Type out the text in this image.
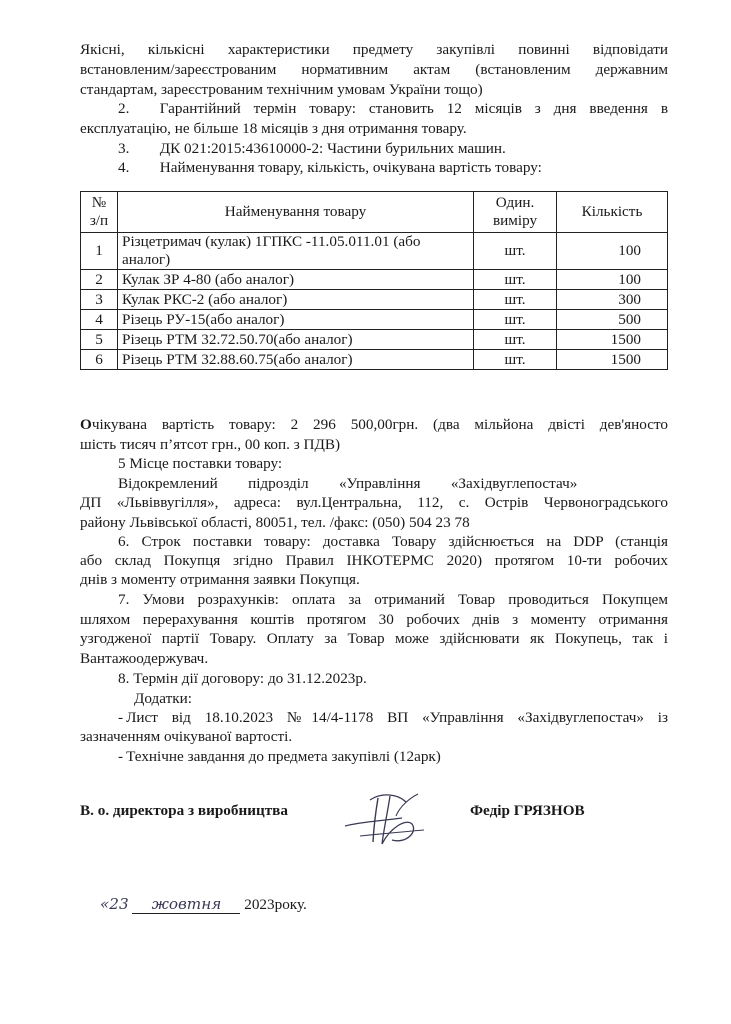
Якісні, кількісні характеристики предмету закупівлі повинні відповідати
встановленим/зареєстрованим нормативним актам (встановленим державним
стандартам, зареєстрованим технічним умовам України тощо)
2.  Гарантійний термін товару: становить 12 місяців з дня введення в
експлуатацію, не більше 18 місяців з дня отримання товару.
3.  ДК 021:2015:43610000-2: Частини бурильних машин.
4.  Найменування товару, кількість, очікувана вартість товару:
№ з/п	Найменування товару	Один. виміру	Кількість
1	Різцетримач (кулак) 1ГПКС -11.05.011.01 (або
аналог)	шт.	100
2	Кулак ЗР 4-80 (або аналог)	шт.	100
3	Кулак РКС-2 (або аналог)	шт.	300
4	Різець РУ-15(або аналог)	шт.	500
5	Різець РТМ 32.72.50.70(або аналог)	шт.	1500
6	Різець РТМ 32.88.60.75(або аналог)	шт.	1500
Очікувана вартість товару: 2 296 500,00грн. (два мільйона двісті дев'яносто
шість тисяч п’ятсот грн., 00 коп. з ПДВ)
5 Місце поставки товару:
Відокремлений  підрозділ  «Управління  «Західвуглепостач»
ДП «Львіввугілля», адреса: вул.Центральна, 112, с. Острів Червоноградського
району Львівської області, 80051, тел. /факс: (050) 504 23 78
6. Строк поставки товару: доставка Товару здійснюється на DDP (станція
або склад Покупця згідно Правил ІНКОТЕРМС 2020) протягом 10-ти робочих
днів з моменту отримання заявки Покупця.
7. Умови розрахунків: оплата за отриманий Товар проводиться Покупцем
шляхом перерахування коштів протягом 30 робочих днів з моменту отримання
узгодженої партії Товару. Оплату за Товар може здійснювати як Покупець, так і
Вантажоодержувач.
8. Термін дії договору: до 31.12.2023р.
Додатки:
- Лист від 18.10.2023 №14/4-1178 ВП «Управління «Західвуглепостач» із
зазначенням очікуваної вартості.
- Технічне завдання до предмета закупівлі (12арк)
В. о. директора з виробництва	Федір ГРЯЗНОВ
«23 жовтня 2023року.
